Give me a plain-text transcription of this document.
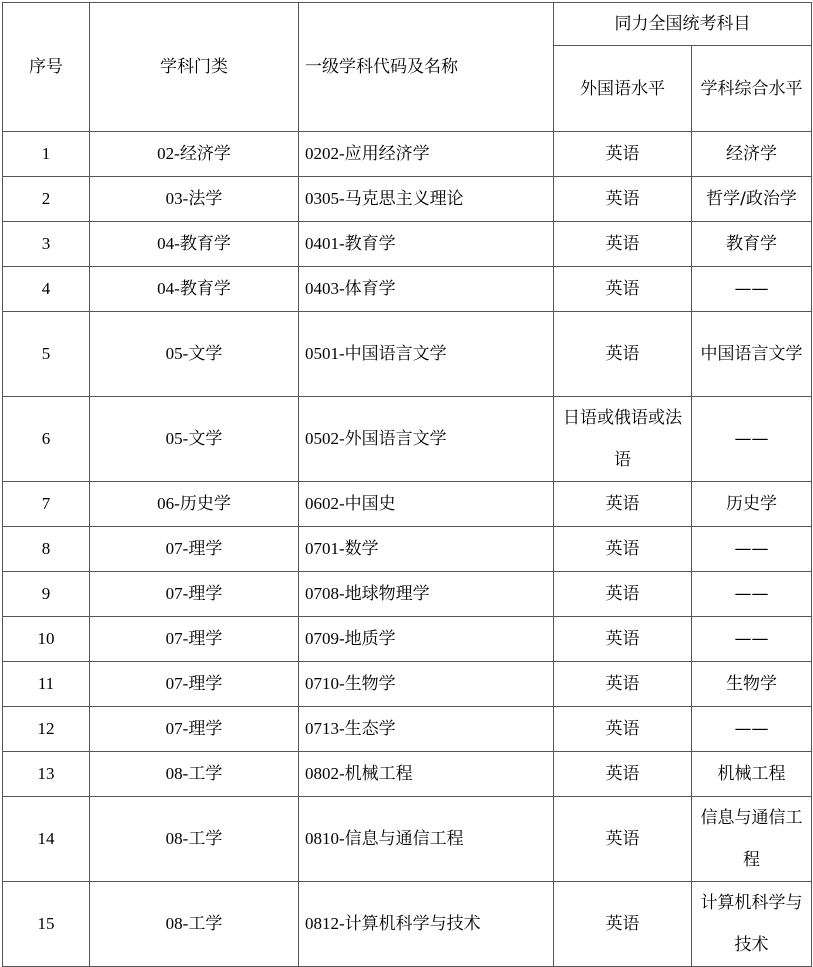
序号	学科门类	一级学科代码及名称	同力全国统考科目	
			外国语水平	学科综合水平
1	02-经济学	0202-应用经济学	英语	经济学
2	03-法学	0305-马克思主义理论	英语	哲学/政治学
3	04-教育学	0401-教育学	英语	教育学
4	04-教育学	0403-体育学	英语	——
5	05-文学	0501-中国语言文学	英语	中国语言文学
6	05-文学	0502-外国语言文学	日语或俄语或法语	——
7	06-历史学	0602-中国史	英语	历史学
8	07-理学	0701-数学	英语	——
9	07-理学	0708-地球物理学	英语	——
10	07-理学	0709-地质学	英语	——
11	07-理学	0710-生物学	英语	生物学
12	07-理学	0713-生态学	英语	——
13	08-工学	0802-机械工程	英语	机械工程
14	08-工学	0810-信息与通信工程	英语	信息与通信工程
15	08-工学	0812-计算机科学与技术	英语	计算机科学与技术
